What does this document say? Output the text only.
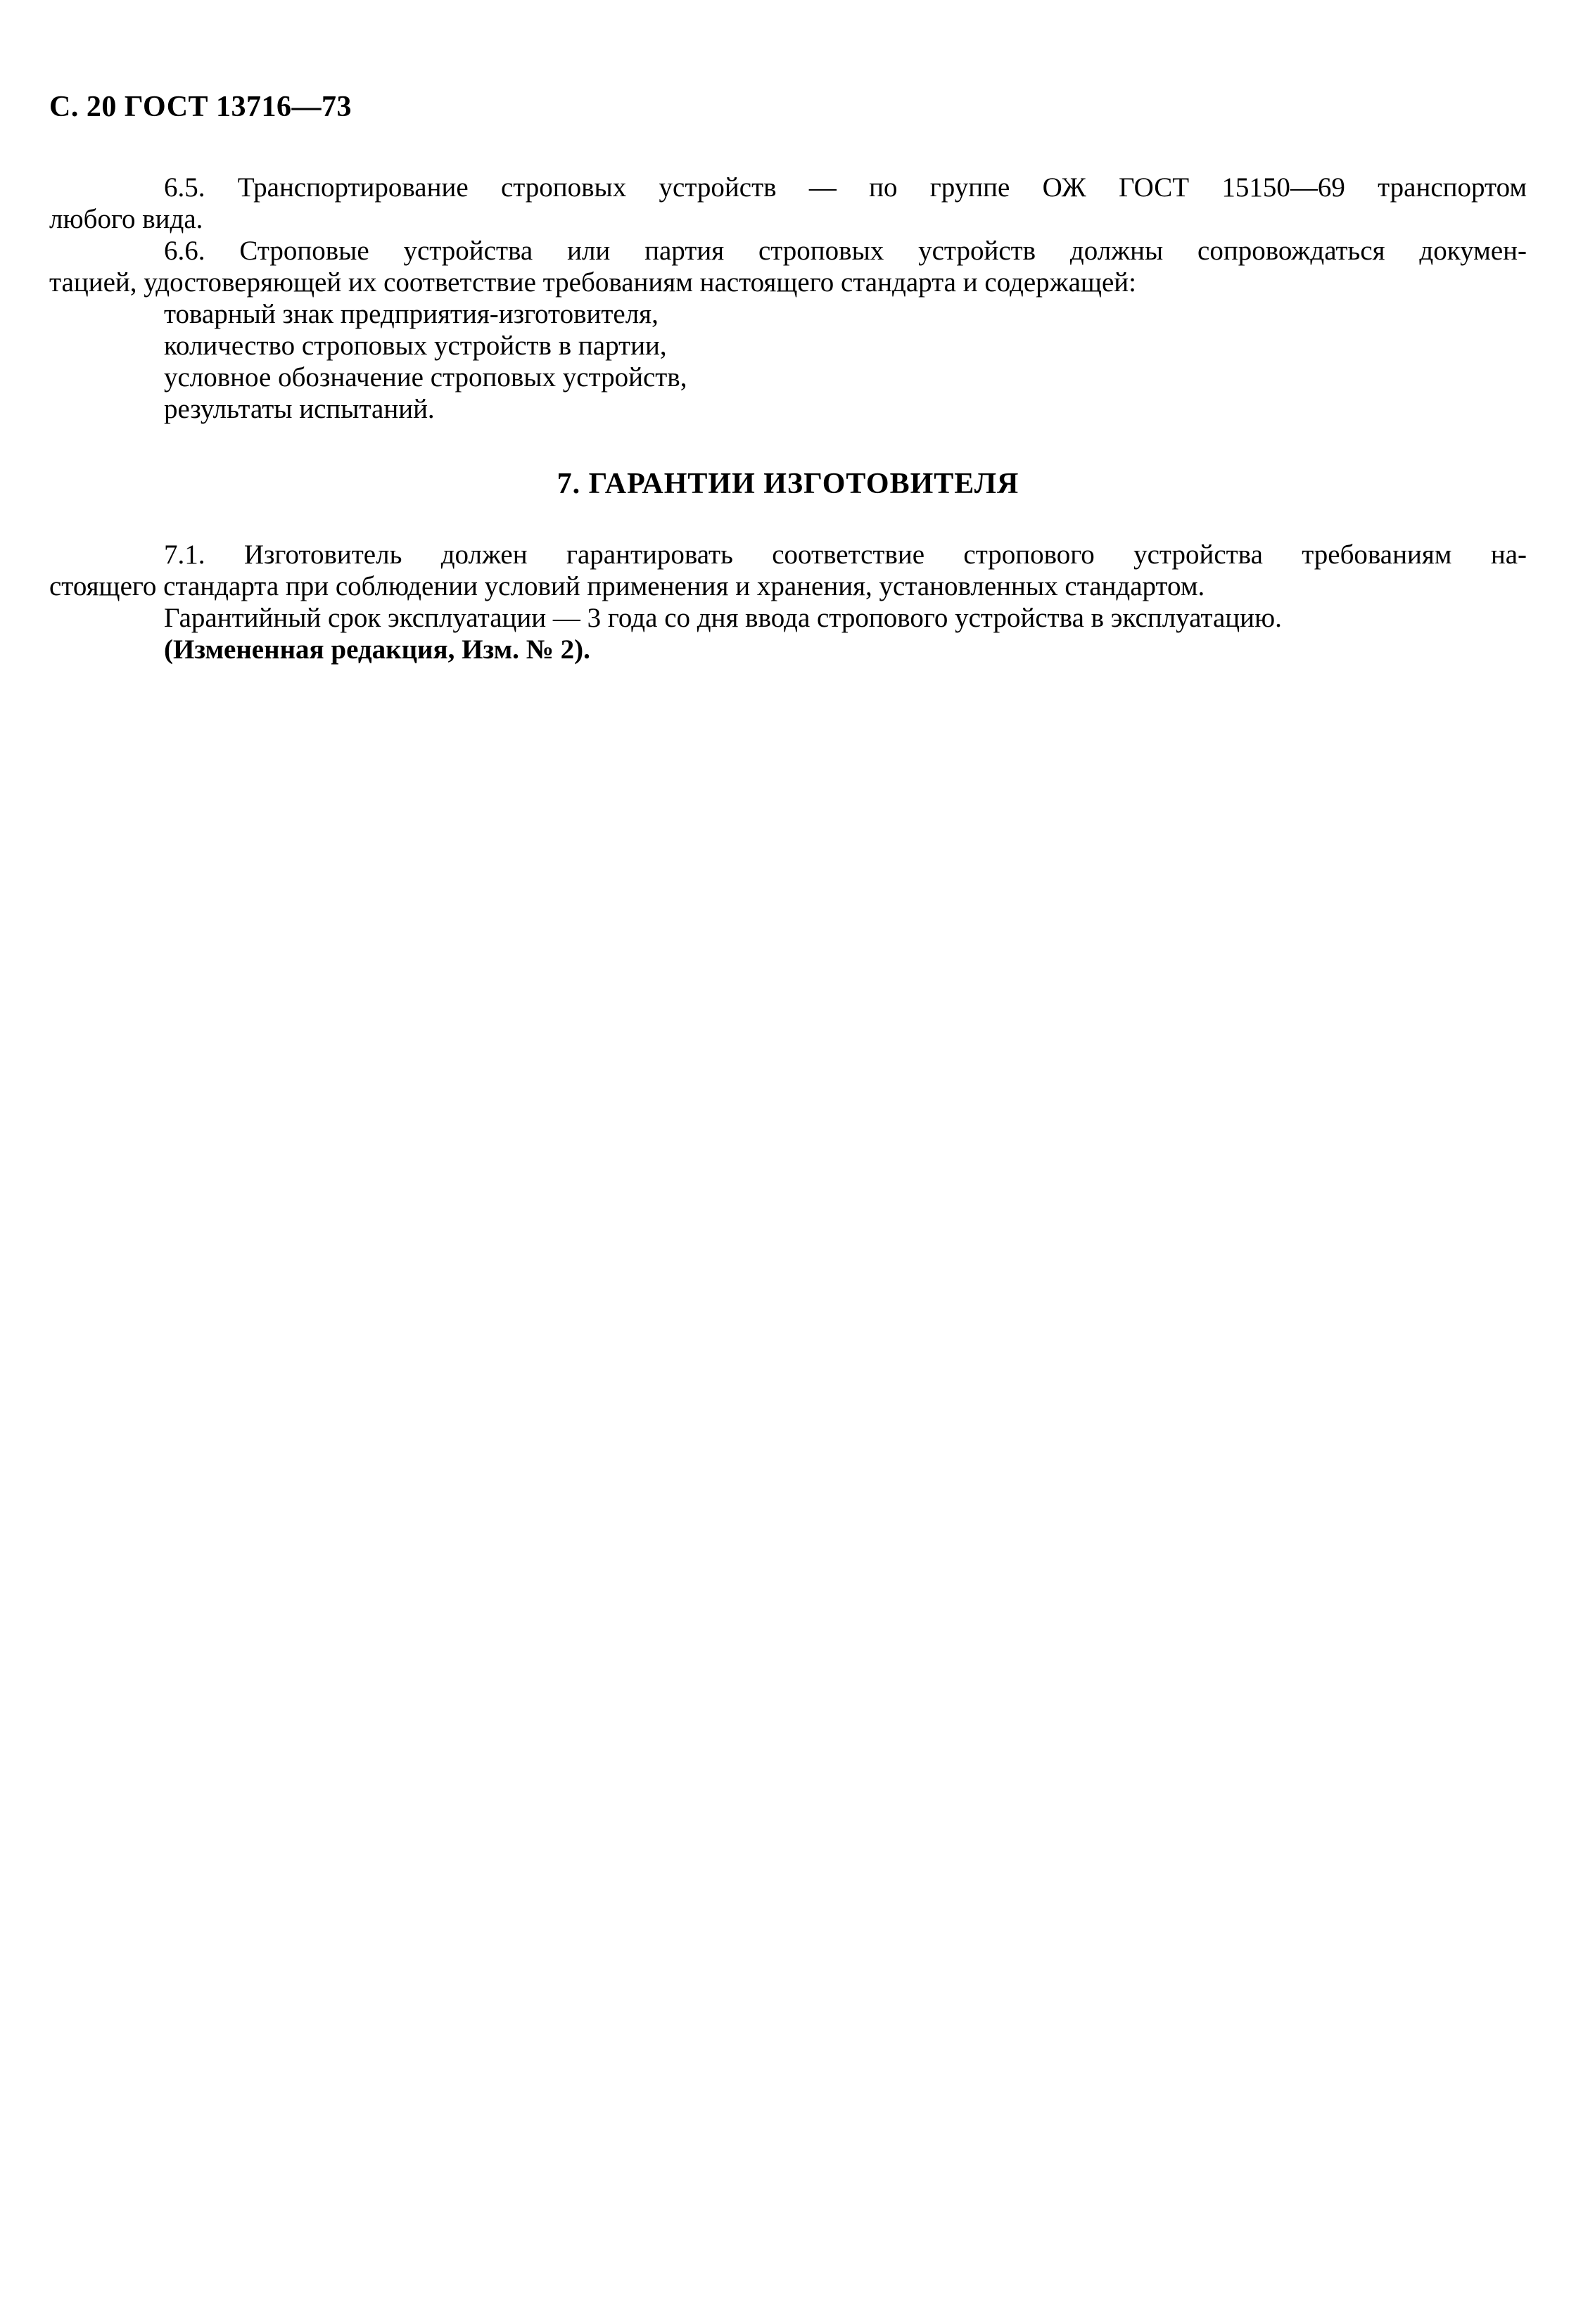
С. 20 ГОСТ 13716—73
6.5. Транспортирование строповых устройств — по группе ОЖ ГОСТ 15150—69 транспортом
любого вида.
6.6. Строповые устройства или партия строповых устройств должны сопровождаться докумен-
тацией, удостоверяющей их соответствие требованиям настоящего стандарта и содержащей:
товарный знак предприятия-изготовителя,
количество строповых устройств в партии,
условное обозначение строповых устройств,
результаты испытаний.
7. ГАРАНТИИ ИЗГОТОВИТЕЛЯ
7.1. Изготовитель должен гарантировать соответствие стропового устройства требованиям на-
стоящего стандарта при соблюдении условий применения и хранения, установленных стандартом.
Гарантийный срок эксплуатации — 3 года со дня ввода стропового устройства в эксплуатацию.
(Измененная редакция, Изм. № 2).
